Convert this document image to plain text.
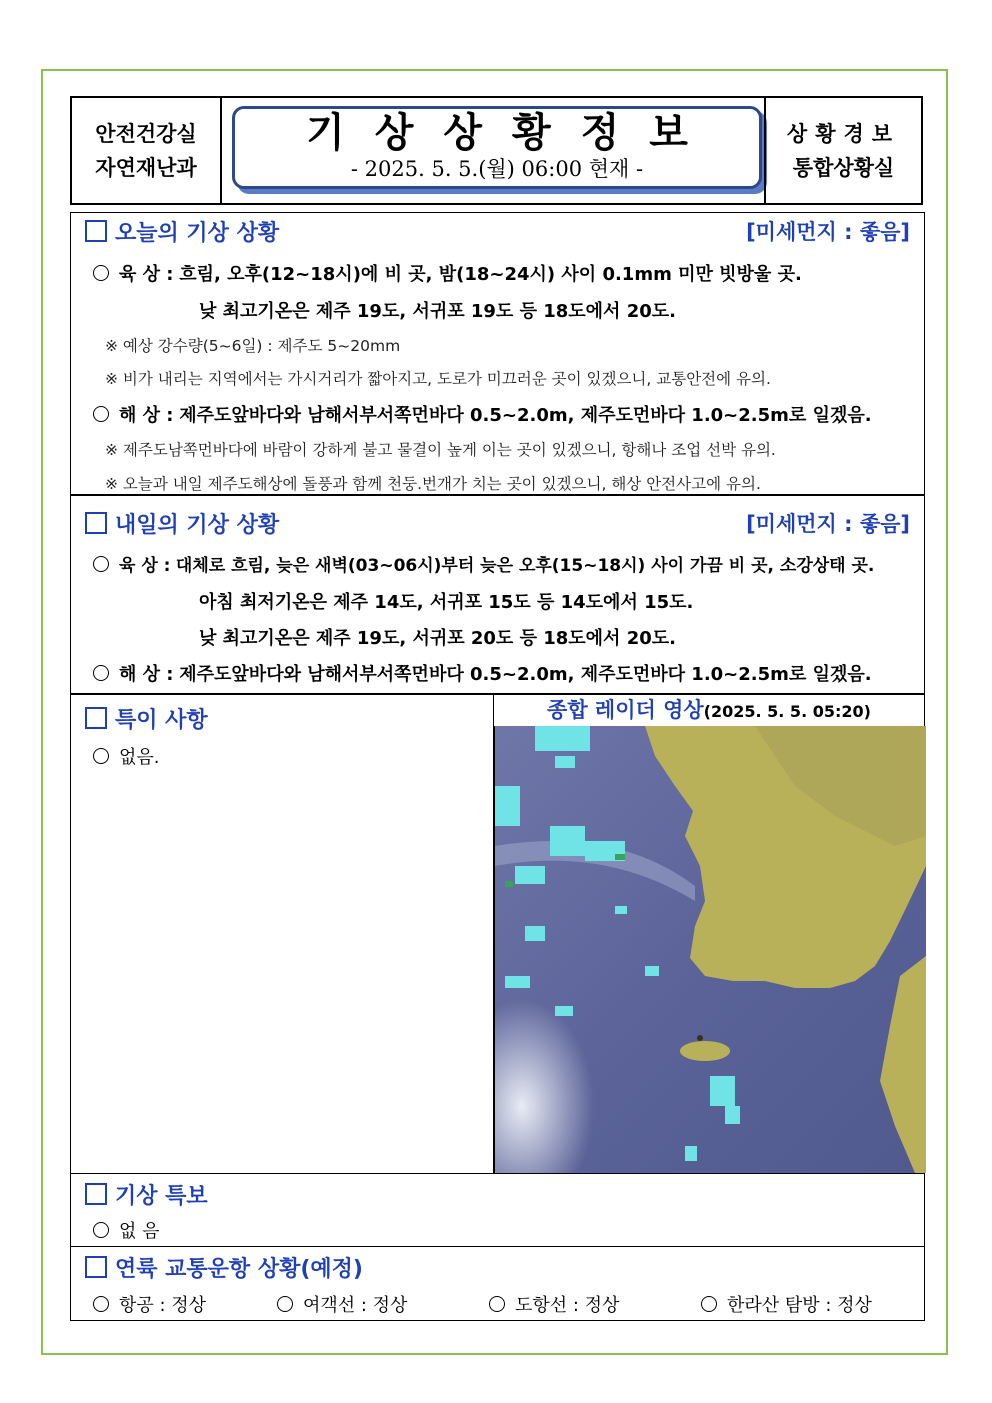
안전건강실
자연재난과
기상상황정보
- 2025. 5. 5.(월) 06:00 현재 -
상황경보
통합상황실
오늘의 기상 상황	[미세먼지 : 좋음]
육 상 : 흐림, 오후(12~18시)에 비 곳, 밤(18~24시) 사이 0.1mm 미만 빗방울 곳.
낮 최고기온은 제주 19도, 서귀포 19도 등 18도에서 20도.
※ 예상 강수량(5~6일) : 제주도 5~20mm
※ 비가 내리는 지역에서는 가시거리가 짧아지고, 도로가 미끄러운 곳이 있겠으니, 교통안전에 유의.
해 상 : 제주도앞바다와 남해서부서쪽먼바다 0.5~2.0m, 제주도먼바다 1.0~2.5m로 일겠음.
※ 제주도남쪽먼바다에 바람이 강하게 불고 물결이 높게 이는 곳이 있겠으니, 항해나 조업 선박 유의.
※ 오늘과 내일 제주도해상에 돌풍과 함께 천둥.번개가 치는 곳이 있겠으니, 해상 안전사고에 유의.
내일의 기상 상황	[미세먼지 : 좋음]
육 상 : 대체로 흐림, 늦은 새벽(03~06시)부터 늦은 오후(15~18시) 사이 가끔 비 곳, 소강상태 곳.
아침 최저기온은 제주 14도, 서귀포 15도 등 14도에서 15도.
낮 최고기온은 제주 19도, 서귀포 20도 등 18도에서 20도.
해 상 : 제주도앞바다와 남해서부서쪽먼바다 0.5~2.0m, 제주도먼바다 1.0~2.5m로 일겠음.
특이 사항
없음.
종합 레이더 영상(2025. 5. 5. 05:20)
기상 특보
없 음
연륙 교통운항 상황(예정)
항공 : 정상	여객선 : 정상	도항선 : 정상	한라산 탐방 : 정상
